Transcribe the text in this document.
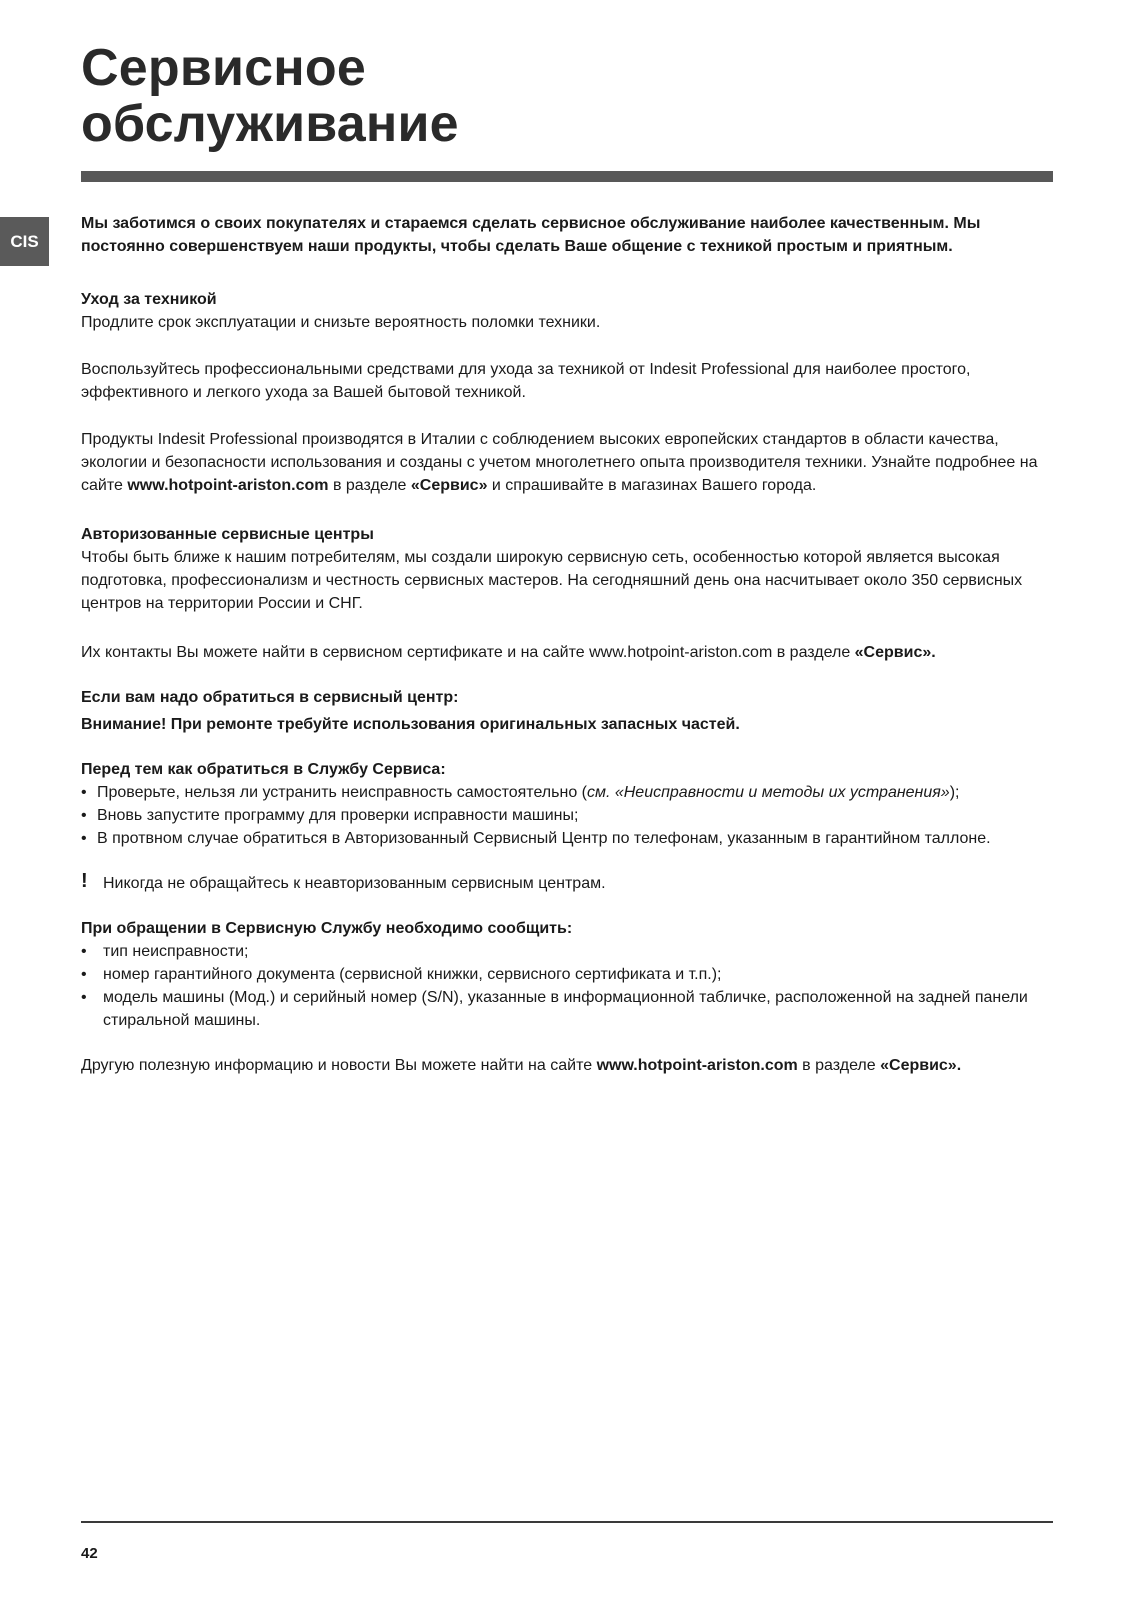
Сервисное
обслуживание
CIS

Мы заботимся о своих покупателях и стараемся сделать сервисное обслуживание наиболее качественным. Мы постоянно совершенствуем наши продукты, чтобы сделать Ваше общение с техникой простым и приятным.

Уход за техникой

Продлите срок эксплуатации и снизьте вероятность поломки техники.

Воспользуйтесь профессиональными средствами для ухода за техникой от Indesit Professional для наиболее простого, эффективного и легкого ухода за Вашей бытовой техникой.

Продукты Indesit Professional производятся в Италии с соблюдением высоких европейских стандартов в области качества, экологии и безопасности использования и созданы с учетом многолетнего опыта производителя техники. Узнайте подробнее на сайте www.hotpoint-ariston.com в разделе «Сервис» и спрашивайте в магазинах Вашего города.

Авторизованные сервисные центры

Чтобы быть ближе к нашим потребителям, мы создали широкую сервисную сеть, особенностью которой является высокая подготовка, профессионализм и честность сервисных мастеров. На сегодняшний день она насчитывает около 350 сервисных центров на территории России и СНГ.

Их контакты Вы можете найти в сервисном сертификате и на сайте www.hotpoint-ariston.com в разделе «Сервис».

Если вам надо обратиться в сервисный центр:

Внимание! При ремонте требуйте использования оригинальных запасных частей.

Перед тем как обратиться в Службу Сервиса:

• Проверьте, нельзя ли устранить неисправность самостоятельно (см. «Неисправности и методы их устранения»);
• Вновь запустите программу для проверки исправности машины;
• В протвном случае обратиться в Авторизованный Сервисный Центр по телефонам, указанным в гарантийном таллоне.

! Никогда не обращайтесь к неавторизованным сервисным центрам.

При обращении в Сервисную Службу необходимо сообщить:

• тип неисправности;
• номер гарантийного документа (сервисной книжки, сервисного сертификата и т.п.);
• модель машины (Мод.) и серийный номер (S/N), указанные в информационной табличке, расположенной на задней панели стиральной машины.

Другую полезную информацию и новости Вы можете найти на сайте www.hotpoint-ariston.com в разделе «Сервис».

42
